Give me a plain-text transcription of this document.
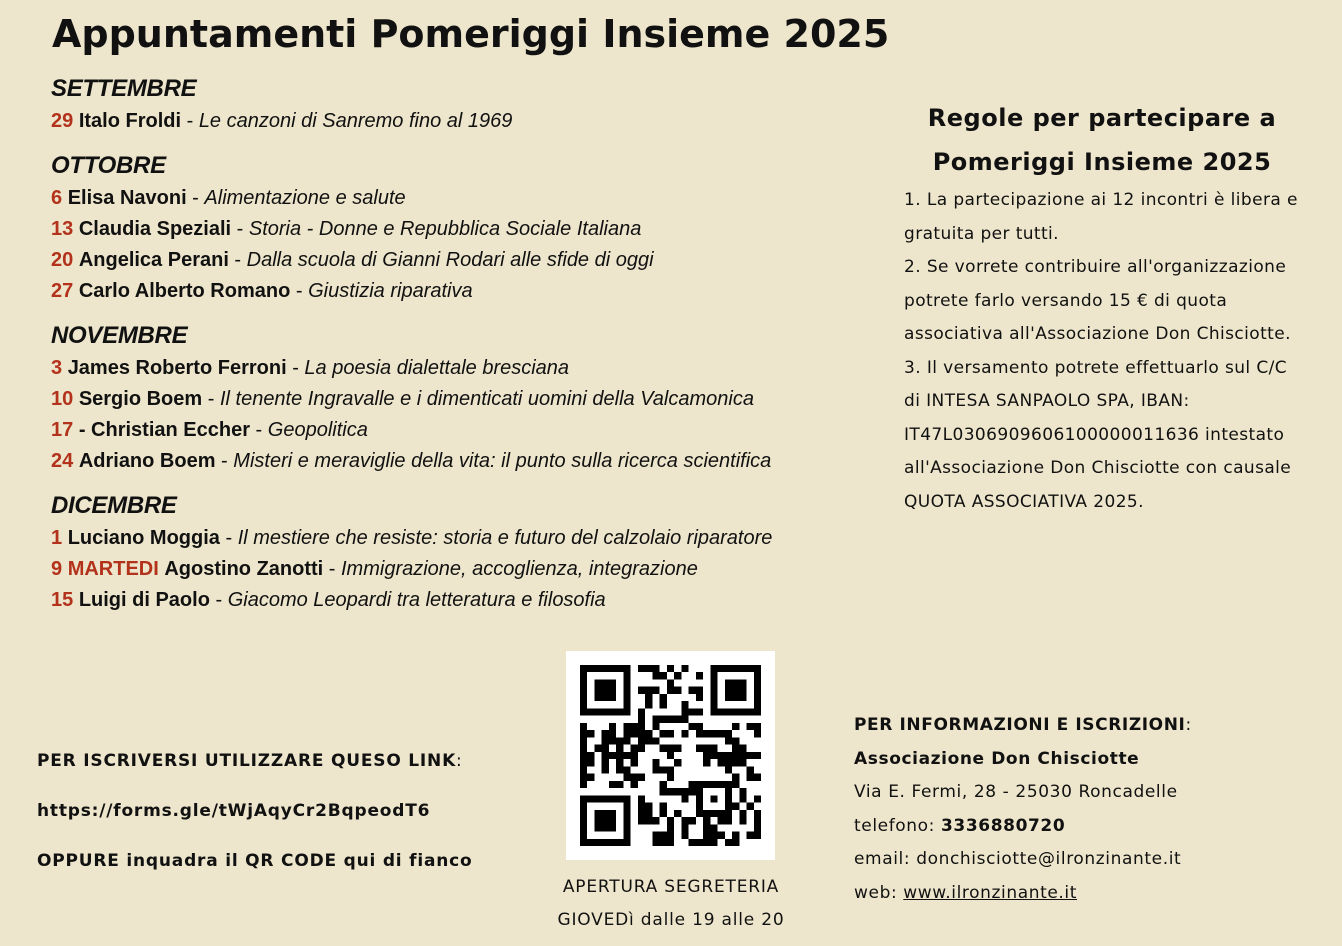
Appuntamenti Pomeriggi Insieme 2025
SETTEMBRE
29 Italo Froldi - Le canzoni di Sanremo fino al 1969
OTTOBRE
6 Elisa Navoni - Alimentazione e salute
13 Claudia Speziali - Storia - Donne e Repubblica Sociale Italiana
20 Angelica Perani - Dalla scuola di Gianni Rodari alle sfide di oggi
27 Carlo Alberto Romano - Giustizia riparativa
NOVEMBRE
3 James Roberto Ferroni - La poesia dialettale bresciana
10 Sergio Boem - Il tenente Ingravalle e i dimenticati uomini della Valcamonica
17 - Christian Eccher - Geopolitica
24 Adriano Boem - Misteri e meraviglie della vita: il punto sulla ricerca scientifica
DICEMBRE
1 Luciano Moggia - Il mestiere che resiste: storia e futuro del calzolaio riparatore
9 MARTEDI Agostino Zanotti - Immigrazione, accoglienza, integrazione
15 Luigi di Paolo - Giacomo Leopardi tra letteratura e filosofia
Regole per partecipare a
Pomeriggi Insieme 2025

1. La partecipazione ai 12 incontri è libera e gratuita per tutti.

2. Se vorrete contribuire all'organizzazione potrete farlo versando 15 € di quota associativa all'Associazione Don Chisciotte.

3. Il versamento potrete effettuarlo sul C/C di INTESA SANPAOLO SPA, IBAN: IT47L0306909606100000011636 intestato all'Associazione Don Chisciotte con causale QUOTA ASSOCIATIVA 2025.

PER ISCRIVERSI UTILIZZARE QUESO LINK:
https://forms.gle/tWjAqyCr2BqpeodT6
OPPURE inquadra il QR CODE qui di fianco
APERTURA SEGRETERIA
GIOVEDì dalle 19 alle 20
PER INFORMAZIONI E ISCRIZIONI:
Associazione Don Chisciotte
Via E. Fermi, 28 - 25030 Roncadelle
telefono: 3336880720
email: donchisciotte@ilronzinante.it
web: www.ilronzinante.it
